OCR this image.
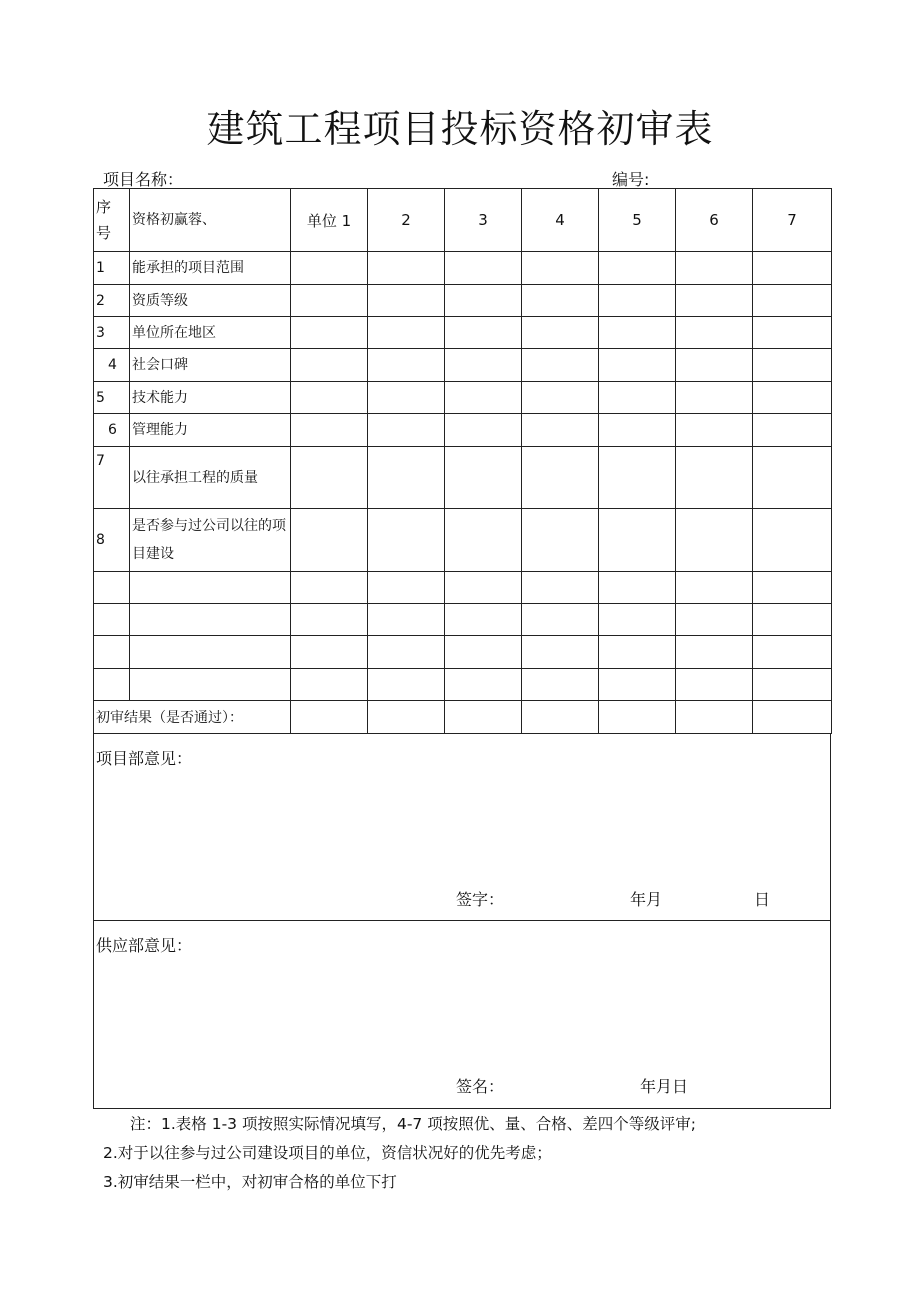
建筑工程项目投标资格初审表
项目名称：	编号:
序号	资格初赢蓉、	单位 1	2	3	4	5	6	7
1	能承担的项目范围							
2	资质等级							
3	单位所在地区							
4	社会口碑							
5	技术能力							
6	管理能力							
7	以往承担工程的质量							
8	是否参与过公司以往的项目建设							

初审结果（是否通过）：								
项目部意见：
签字：	年月	日
供应部意见：
签名：	年月日
注：1.表格 1-3 项按照实际情况填写，4-7 项按照优、量、合格、差四个等级评审;
2.对于以往参与过公司建设项目的单位，资信状况好的优先考虑；
3.初审结果一栏中，对初审合格的单位下打
